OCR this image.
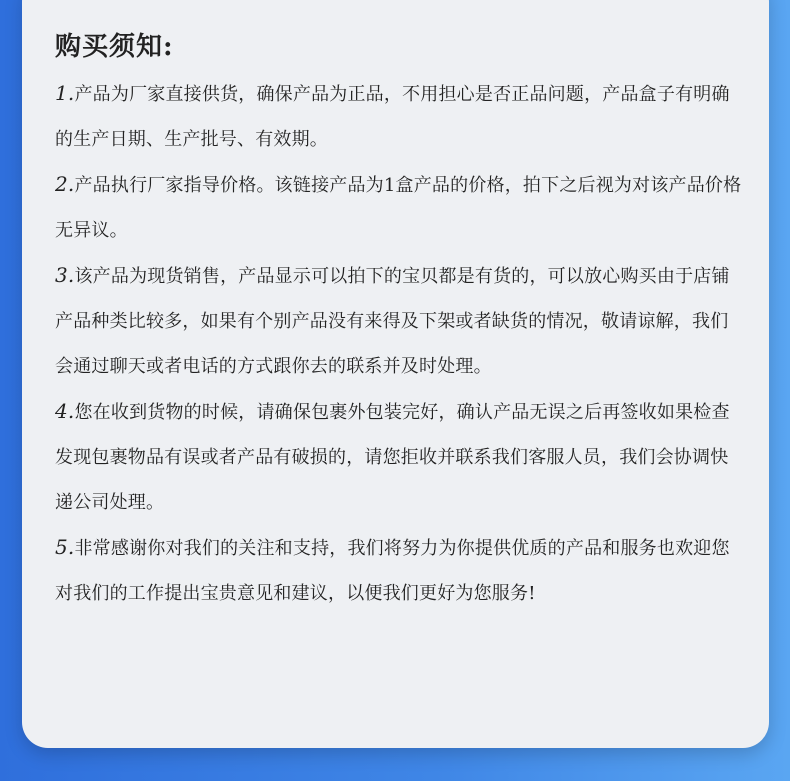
购买须知:

1.产品为厂家直接供货，确保产品为正品，不用担心是否正品问题，产品盒子有明确的生产日期、生产批号、有效期。

2.产品执行厂家指导价格。该链接产品为1盒产品的价格，拍下之后视为对该产品价格无异议。

3.该产品为现货销售，产品显示可以拍下的宝贝都是有货的，可以放心购买由于店铺产品种类比较多，如果有个别产品没有来得及下架或者缺货的情况，敬请谅解，我们会通过聊天或者电话的方式跟你去的联系并及时处理。

4.您在收到货物的时候，请确保包裹外包装完好，确认产品无误之后再签收如果检查发现包裹物品有误或者产品有破损的，请您拒收并联系我们客服人员，我们会协调快递公司处理。

5.非常感谢你对我们的关注和支持，我们将努力为你提供优质的产品和服务也欢迎您对我们的工作提出宝贵意见和建议，以便我们更好为您服务!
